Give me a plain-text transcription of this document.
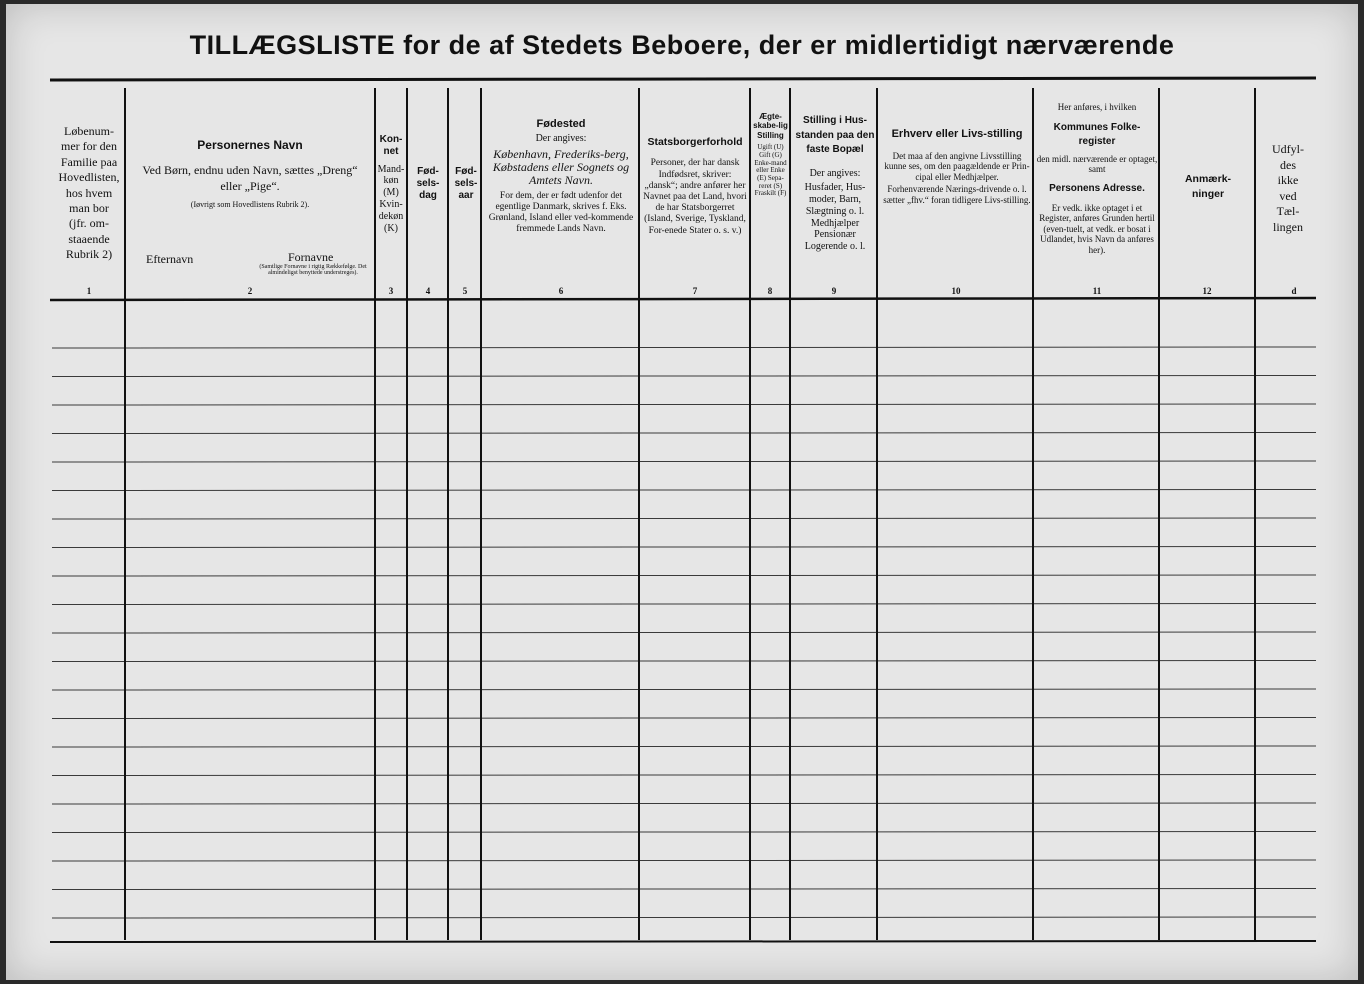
TILLÆGSLISTE for de af Stedets Beboere, der er midlertidigt nærværende
Løbenum-
mer for den
Familie paa
Hovedlisten,
hos hvem
man bor
(jfr. om-
staaende
Rubrik 2)
Personernes Navn
Ved Børn, endnu uden Navn, sættes „Dreng“ eller „Pige“.
(Iøvrigt som Hovedlistens Rubrik 2).
Efternavn	Fornavne
(Samtlige Fornavne i rigtig Rækkefølge. Det almindeligst benyttede understreges).
Kon-net
Mand-køn (M) Kvin-dekøn (K)
Fød-sels-dag
Fød-sels-aar
Fødested
Der angives:
København, Frederiks-berg, Købstadens eller Sognets og Amtets Navn.
For dem, der er født udenfor det egentlige Danmark, skrives f. Eks. Grønland, Island eller ved-kommende fremmede Lands Navn.
Statsborgerforhold
Personer, der har dansk Indfødsret, skriver: „dansk“; andre anfører her Navnet paa det Land, hvori de har Statsborgerret (Island, Sverige, Tyskland, For-enede Stater o. s. v.)
Ægte-skabe-lig Stilling
Ugift (U) Gift (G) Enke-mand eller Enke (E) Sepa-reret (S) Fraskilt (F)
Stilling i Hus-standen paa den faste Bopæl
Der angives:
Husfader, Hus-moder, Barn, Slægtning o. l. Medhjælper Pensionær Logerende o. l.
Erhverv eller Livs-stilling
Det maa af den angivne Livsstilling kunne ses, om den paagældende er Prin-cipal eller Medhjælper.
Forhenværende Nærings-drivende o. l. sætter „fhv.“ foran tidligere Livs-stilling.
Her anføres, i hvilken
Kommunes Folke-register
den midl. nærværende er optaget, samt
Personens Adresse.
Er vedk. ikke optaget i et Register, anføres Grunden hertil (even-tuelt, at vedk. er bosat i Udlandet, hvis Navn da anføres her).
Anmærk-ninger
Udfyl-
des
ikke
ved
Tæl-
lingen
1	2	3	4	5	6	7	8	9	10	11	12	d
